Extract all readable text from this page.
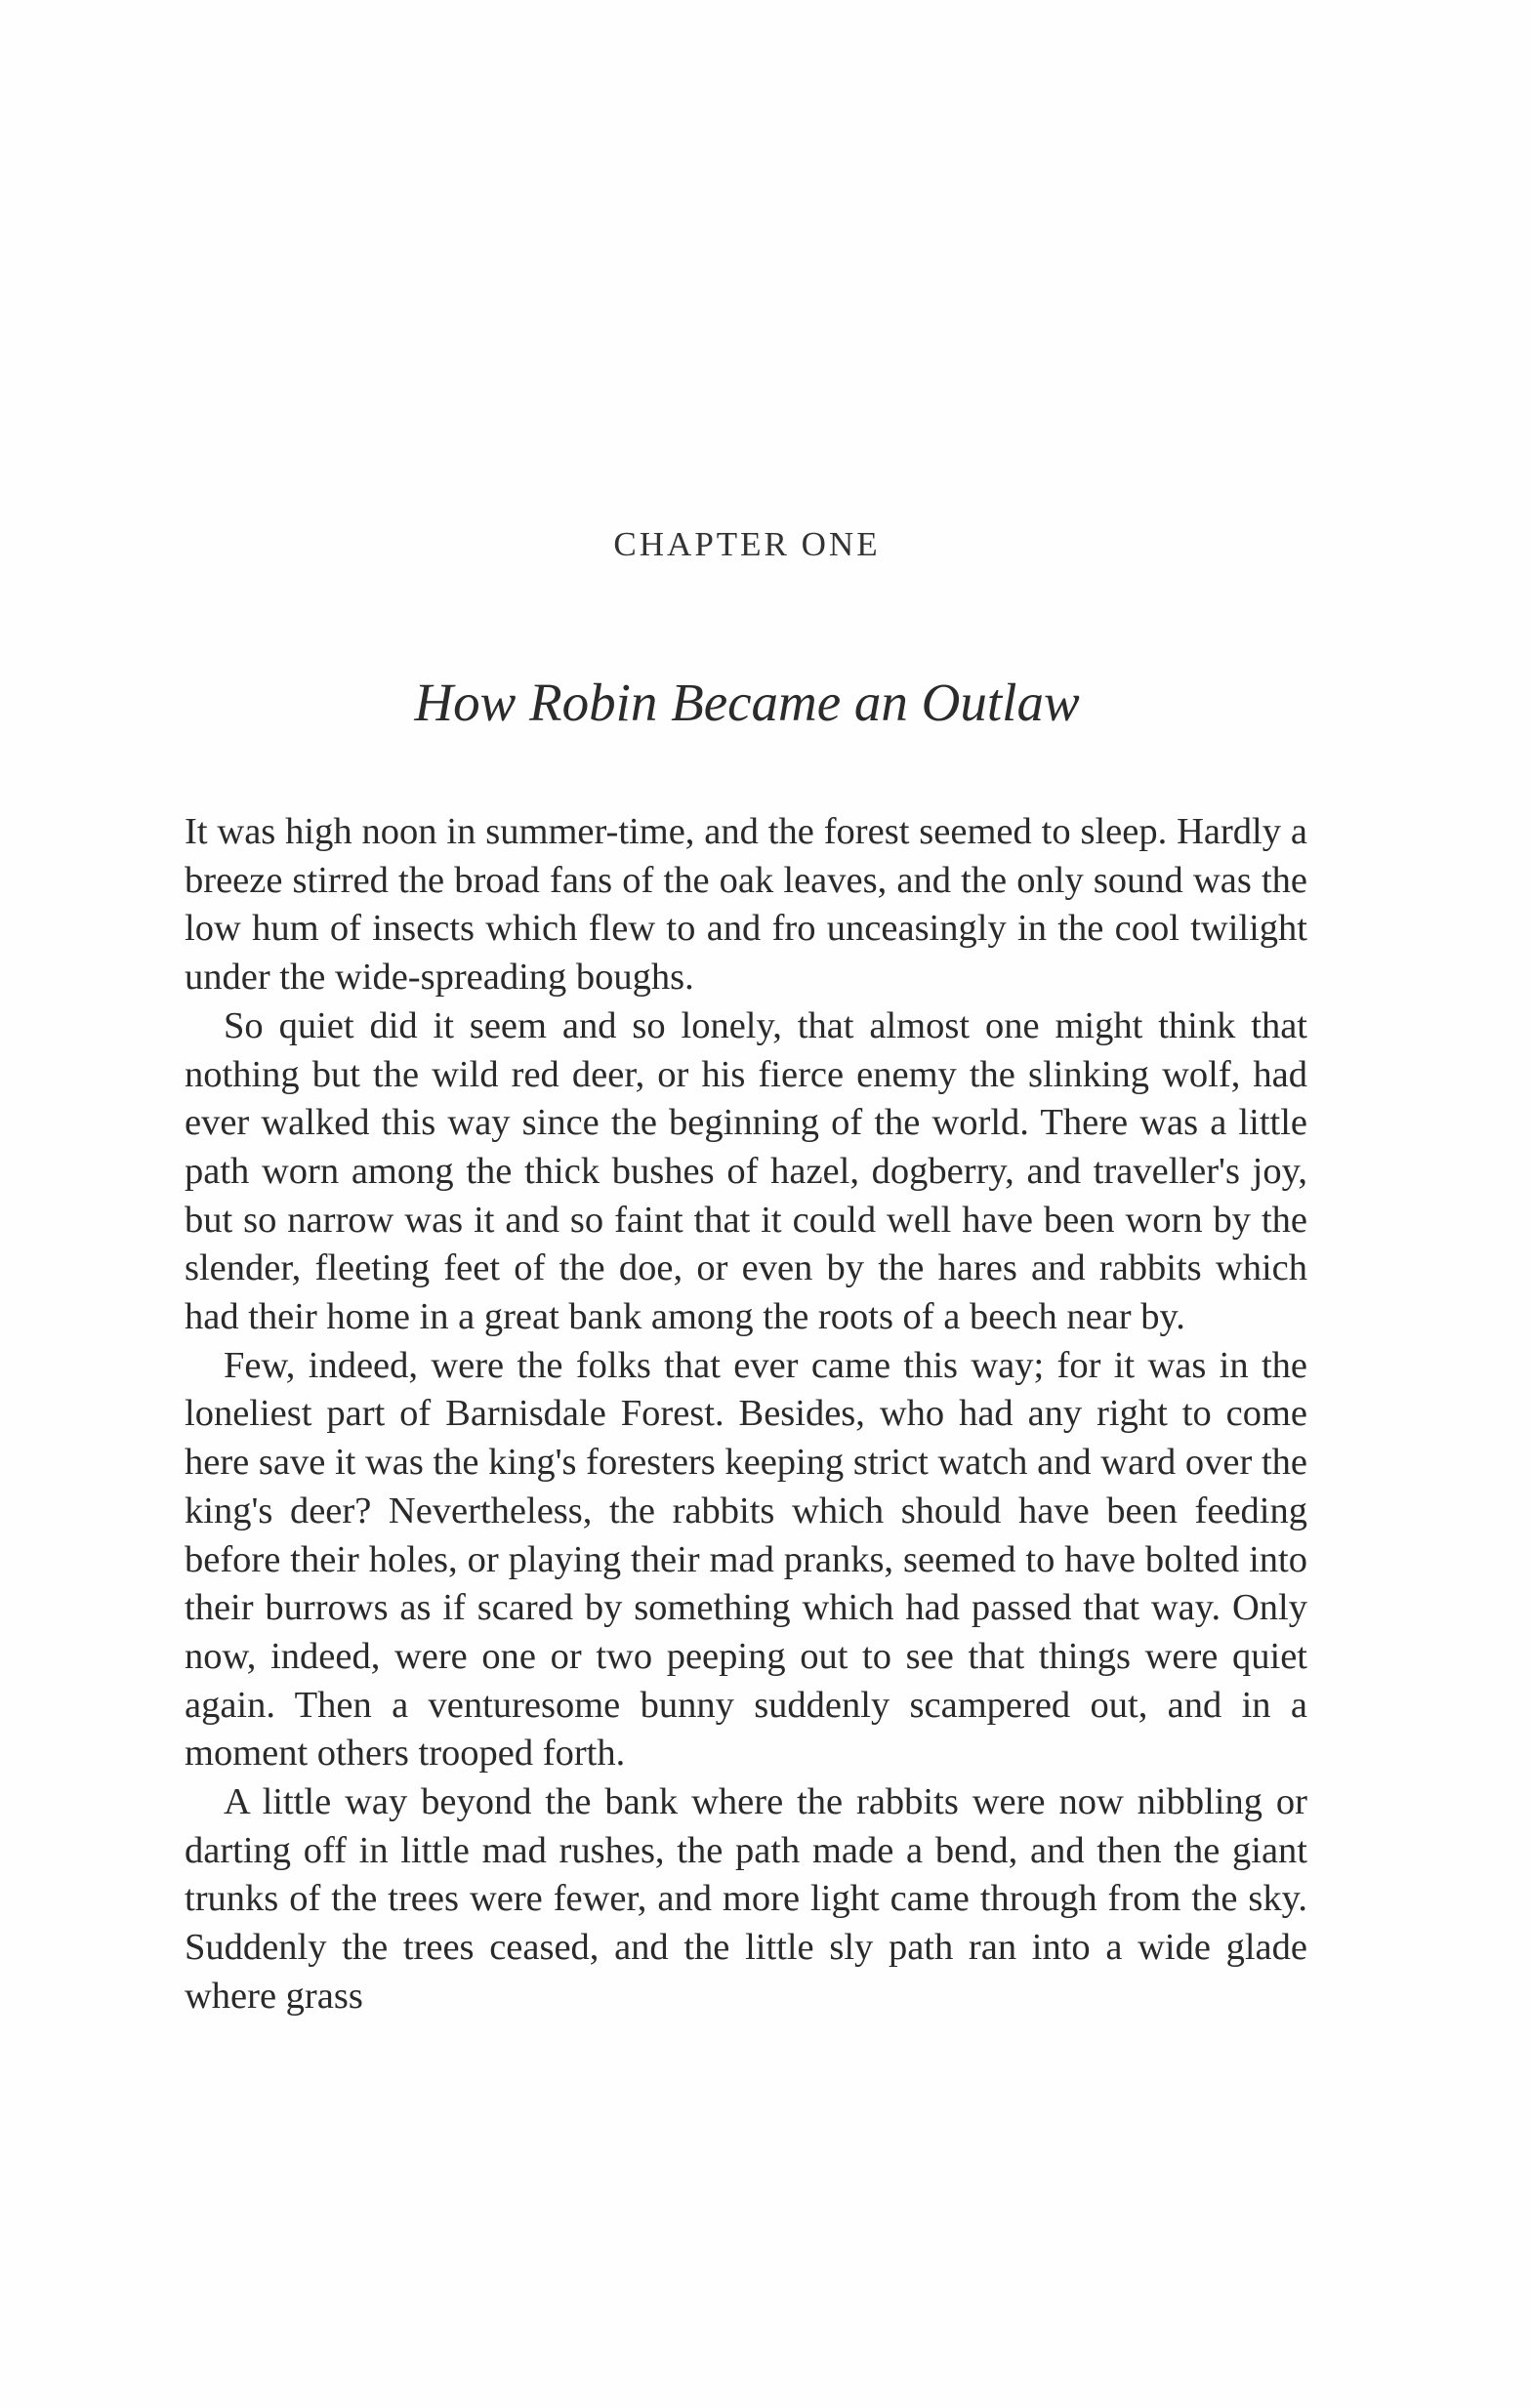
CHAPTER ONE
How Robin Became an Outlaw

It was high noon in summer-time, and the forest seemed to sleep. Hardly a breeze stirred the broad fans of the oak leaves, and the only sound was the low hum of insects which flew to and fro unceasingly in the cool twilight under the wide-spreading boughs.

So quiet did it seem and so lonely, that almost one might think that nothing but the wild red deer, or his fierce enemy the slinking wolf, had ever walked this way since the beginning of the world. There was a little path worn among the thick bushes of hazel, dogberry, and traveller's joy, but so narrow was it and so faint that it could well have been worn by the slender, fleeting feet of the doe, or even by the hares and rabbits which had their home in a great bank among the roots of a beech near by.

Few, indeed, were the folks that ever came this way; for it was in the loneliest part of Barnisdale Forest. Besides, who had any right to come here save it was the king's foresters keeping strict watch and ward over the king's deer? Nevertheless, the rabbits which should have been feeding before their holes, or playing their mad pranks, seemed to have bolted into their burrows as if scared by something which had passed that way. Only now, indeed, were one or two peeping out to see that things were quiet again. Then a venturesome bunny suddenly scampered out, and in a moment others trooped forth.

A little way beyond the bank where the rabbits were now nibbling or darting off in little mad rushes, the path made a bend, and then the giant trunks of the trees were fewer, and more light came through from the sky. Suddenly the trees ceased, and the little sly path ran into a wide glade where grass
